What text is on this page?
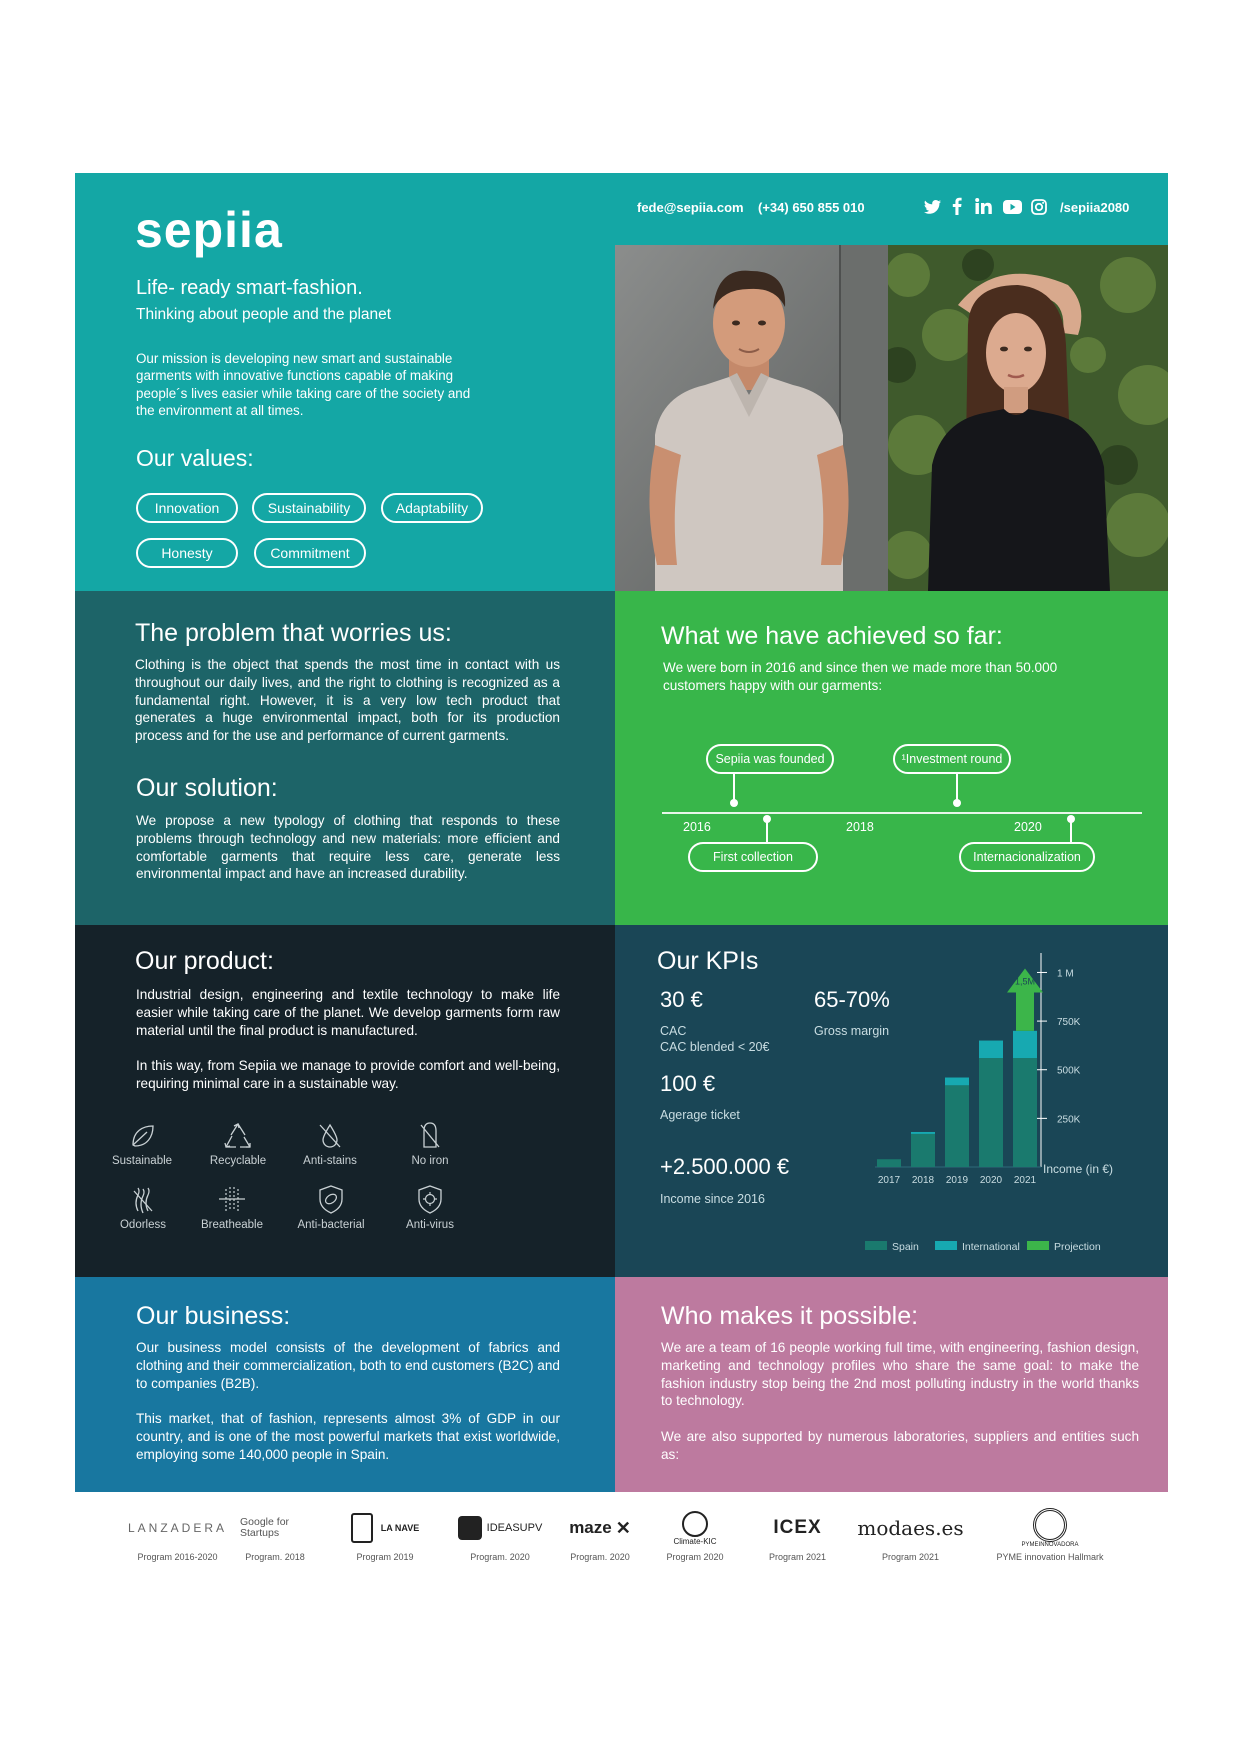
sepiia
Life- ready smart-fashion.
Thinking about people and the planet
Our mission is developing new smart and sustainable garments with innovative functions capable of making people´s lives easier while taking care of the society and the environment at all times.
Our values:
Innovation	Sustainability	Adaptability
Honesty	Commitment
fede@sepiia.com (+34) 650 855 010	/sepiia2080
The problem that worries us:
Clothing is the object that spends the most time in contact with us throughout our daily lives, and the right to clothing is recognized as a fundamental right. However, it is a very low tech product that generates a huge environmental impact, both for its production process and for the use and performance of current garments.
Our solution:
We propose a new typology of clothing that responds to these problems through technology and new materials: more efficient and comfortable garments that require less care, generate less environmental impact and have an increased durability.
What we have achieved so far:
We were born in 2016 and since then we made more than 50.000 customers happy with our garments:
Sepiia was founded	¹Investment round
2016	2018	2020
First collection	Internacionalization
Our product:
Industrial design, engineering and textile technology to make life easier while taking care of the planet. We develop garments form raw material until the final product is manufactured.
In this way, from Sepiia we manage to provide comfort and well-being, requiring minimal care in a sustainable way.
Sustainable	Recyclable	Anti-stains	No iron
Odorless	Breatheable	Anti-bacterial	Anti-virus
Our KPIs
30 €
CAC
CAC blended < 20€
65-70%
Gross margin
100 €
Agerage ticket
+2.500.000 €
Income since 2016
250K
500K
750K
1 M
Income (in €)
2017 2018 2019 2020
1,5M
2021
Spain	International	Projection
Our business:
Our business model consists of the development of fabrics and clothing and their commercialization, both to end customers (B2C) and to companies (B2B).
This market, that of fashion, represents almost 3% of GDP in our country, and is one of the most powerful markets that exist worldwide, employing some 140,000 people in Spain.
Who makes it possible:
We are a team of 16 people working full time, with engineering, fashion design, marketing and technology profiles who share the same goal: to make the fashion industry stop being the 2nd most polluting industry in the world thanks to technology.
We are also supported by numerous laboratories, suppliers and entities such as:
LANZADERA
Program 2016-2020
Google for Startups
Program. 2018
LA NAVE
Program 2019
IDEASUPV
Program. 2020
maze ✕
Program. 2020
Climate-KIC
Program 2020
ICEX
Program 2021
modaes.es
Program 2021
PYMEINNOVADORA
PYME innovation Hallmark
